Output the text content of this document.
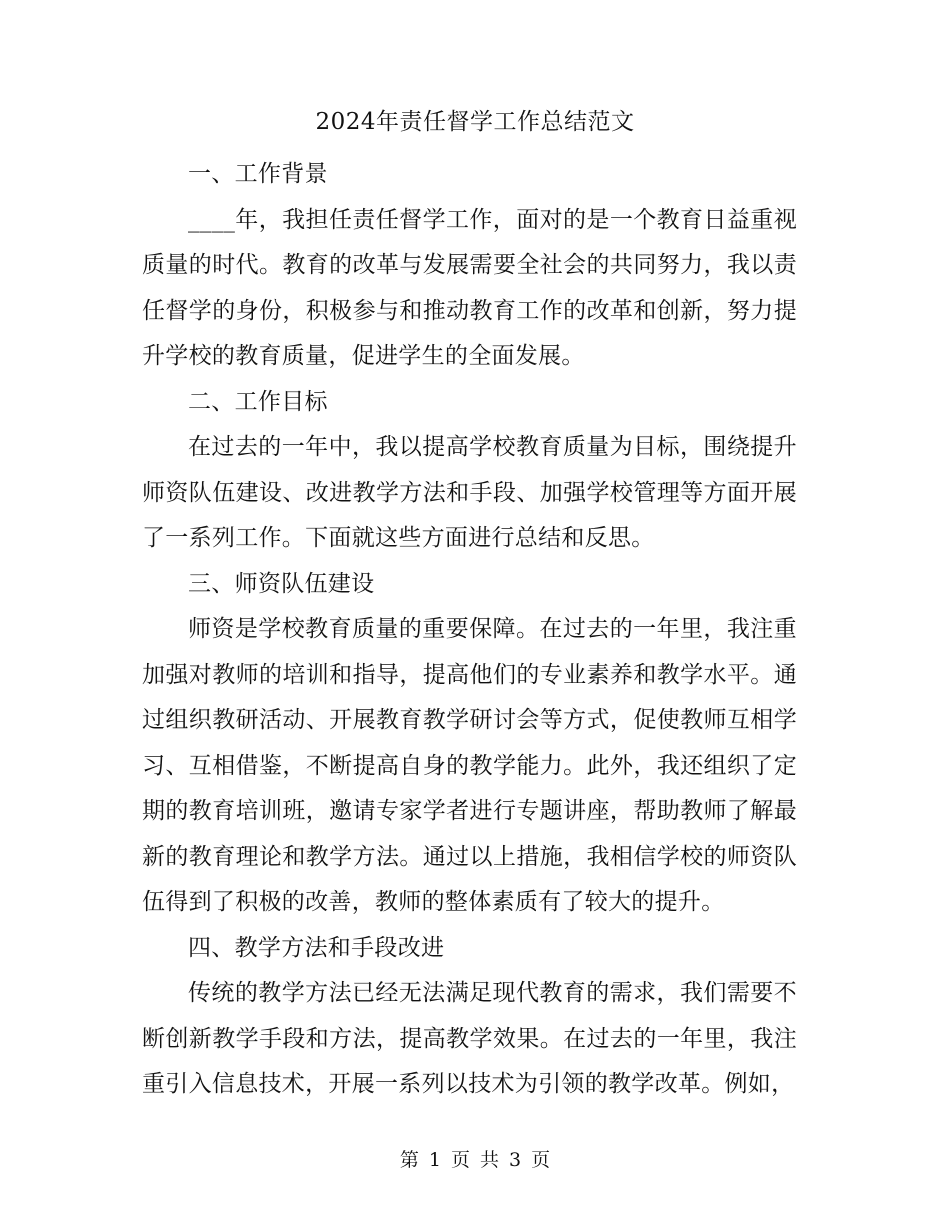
2024年责任督学工作总结范文

一、工作背景

____年，我担任责任督学工作，面对的是一个教育日益重视质量的时代。教育的改革与发展需要全社会的共同努力，我以责任督学的身份，积极参与和推动教育工作的改革和创新，努力提升学校的教育质量，促进学生的全面发展。

二、工作目标

在过去的一年中，我以提高学校教育质量为目标，围绕提升师资队伍建设、改进教学方法和手段、加强学校管理等方面开展了一系列工作。下面就这些方面进行总结和反思。

三、师资队伍建设

师资是学校教育质量的重要保障。在过去的一年里，我注重加强对教师的培训和指导，提高他们的专业素养和教学水平。通过组织教研活动、开展教育教学研讨会等方式，促使教师互相学习、互相借鉴，不断提高自身的教学能力。此外，我还组织了定期的教育培训班，邀请专家学者进行专题讲座，帮助教师了解最新的教育理论和教学方法。通过以上措施，我相信学校的师资队伍得到了积极的改善，教师的整体素质有了较大的提升。

四、教学方法和手段改进

传统的教学方法已经无法满足现代教育的需求，我们需要不断创新教学手段和方法，提高教学效果。在过去的一年里，我注重引入信息技术，开展一系列以技术为引领的教学改革。例如，

第 1 页 共 3 页
